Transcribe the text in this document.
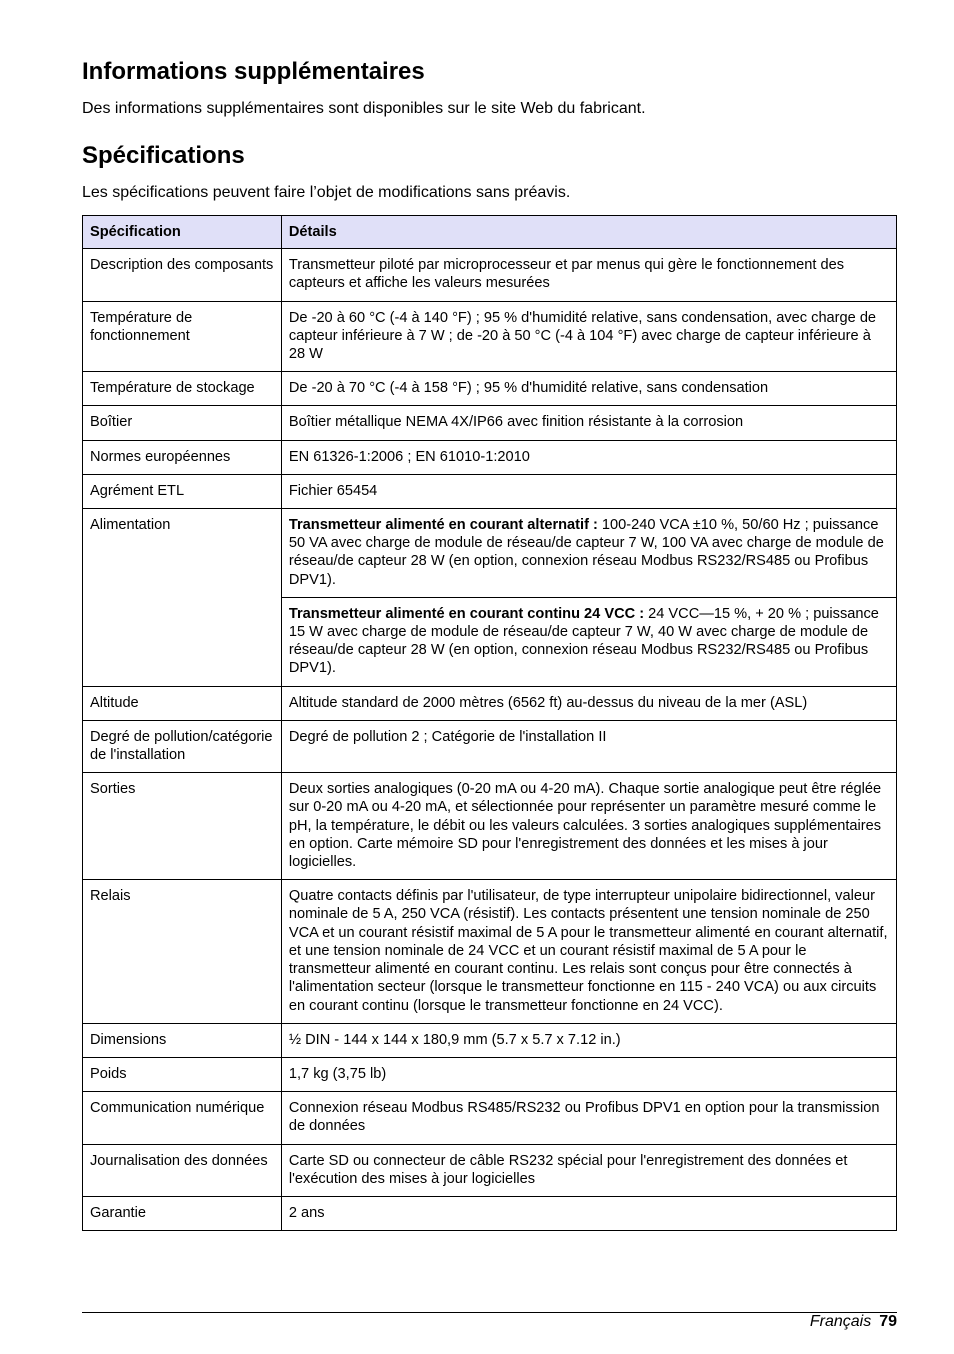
Informations supplémentaires

Des informations supplémentaires sont disponibles sur le site Web du fabricant.

Spécifications

Les spécifications peuvent faire l’objet de modifications sans préavis.

Spécification	Détails
Description des composants	Transmetteur piloté par microprocesseur et par menus qui gère le fonctionnement des capteurs et affiche les valeurs mesurées
Température de fonctionnement	De -20 à 60 °C (-4 à 140 °F) ; 95 % d'humidité relative, sans condensation, avec charge de capteur inférieure à 7 W ; de -20 à 50 °C (-4 à 104 °F) avec charge de capteur inférieure à 28 W
Température de stockage	De -20 à 70 °C (-4 à 158 °F) ; 95 % d'humidité relative, sans condensation
Boîtier	Boîtier métallique NEMA 4X/IP66 avec finition résistante à la corrosion
Normes européennes	EN 61326-1:2006 ; EN 61010-1:2010
Agrément ETL	Fichier 65454
Alimentation	Transmetteur alimenté en courant alternatif : 100-240 VCA ±10 %, 50/60 Hz ; puissance 50 VA avec charge de module de réseau/de capteur 7 W, 100 VA avec charge de module de réseau/de capteur 28 W (en option, connexion réseau Modbus RS232/RS485 ou Profibus DPV1).
	Transmetteur alimenté en courant continu 24 VCC : 24 VCC—15 %, + 20 % ; puissance 15 W avec charge de module de réseau/de capteur 7 W, 40 W avec charge de module de réseau/de capteur 28 W (en option, connexion réseau Modbus RS232/RS485 ou Profibus DPV1).
Altitude	Altitude standard de 2000 mètres (6562 ft) au-dessus du niveau de la mer (ASL)
Degré de pollution/catégorie de l'installation	Degré de pollution 2 ; Catégorie de l'installation II
Sorties	Deux sorties analogiques (0-20 mA ou 4-20 mA). Chaque sortie analogique peut être réglée sur 0-20 mA ou 4-20 mA, et sélectionnée pour représenter un paramètre mesuré comme le pH, la température, le débit ou les valeurs calculées. 3 sorties analogiques supplémentaires en option. Carte mémoire SD pour l'enregistrement des données et les mises à jour logicielles.
Relais	Quatre contacts définis par l'utilisateur, de type interrupteur unipolaire bidirectionnel, valeur nominale de 5 A, 250 VCA (résistif). Les contacts présentent une tension nominale de 250 VCA et un courant résistif maximal de 5 A pour le transmetteur alimenté en courant alternatif, et une tension nominale de 24 VCC et un courant résistif maximal de 5 A pour le transmetteur alimenté en courant continu. Les relais sont conçus pour être connectés à l'alimentation secteur (lorsque le transmetteur fonctionne en 115 - 240 VCA) ou aux circuits en courant continu (lorsque le transmetteur fonctionne en 24 VCC).
Dimensions	½ DIN - 144 x 144 x 180,9 mm (5.7 x 5.7 x 7.12 in.)
Poids	1,7 kg (3,75 lb)
Communication numérique	Connexion réseau Modbus RS485/RS232 ou Profibus DPV1 en option pour la transmission de données
Journalisation des données	Carte SD ou connecteur de câble RS232 spécial pour l'enregistrement des données et l'exécution des mises à jour logicielles
Garantie	2 ans
Français 79
